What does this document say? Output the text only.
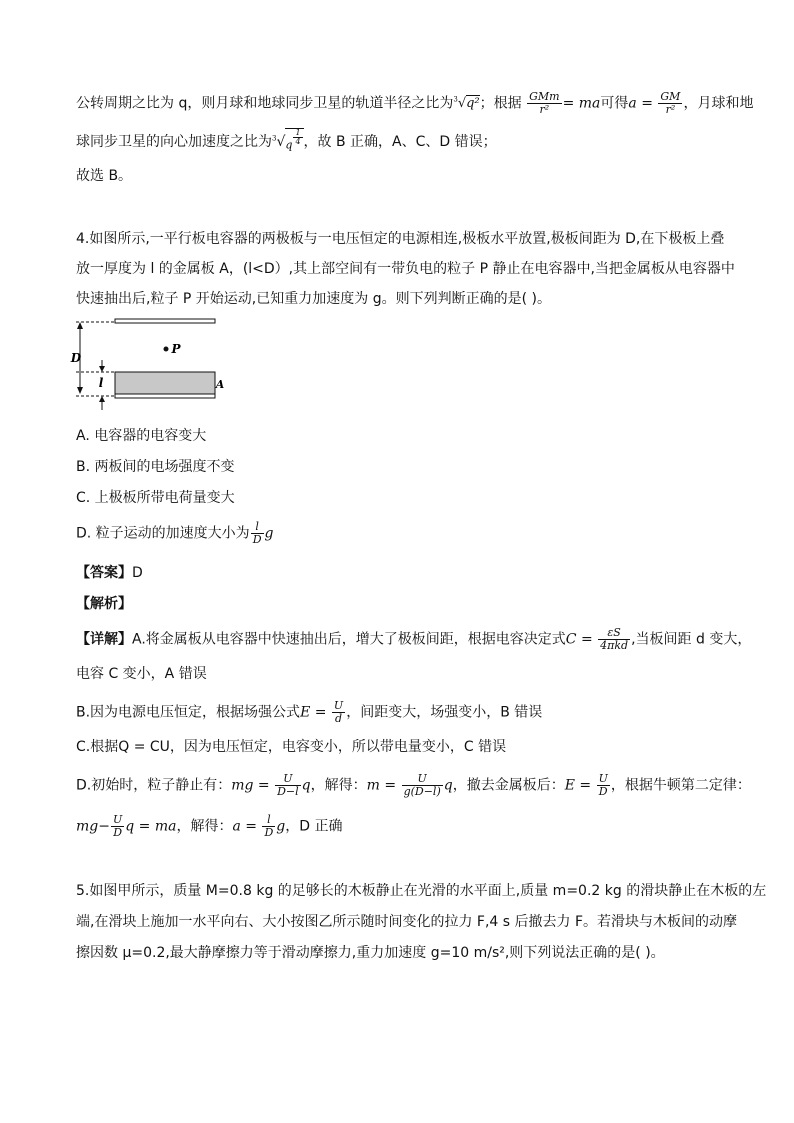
公转周期之比为 q，则月球和地球同步卫星的轨道半径之比为$^3$√q²；根据 $\frac{\text{GMm}}{\text{r²}}$ = ma可得$a = \frac{GM}{\text{r²}}$ ，月球和地
球同步卫星的向心加速度之比为$^3√q \frac{1}{4}$ ，故 B 正确，A、C、D 错误；
故选 B。
4.如图所示,一平行板电容器的两极板与一电压恒定的电源相连,极板水平放置,极板间距为 D,在下极板上叠
放一厚度为 l 的金属板 A，(l<D）,其上部空间有一带负电的粒子 P 静止在电容器中,当把金属板从电容器中
快速抽出后,粒子 P 开始运动,已知重力加速度为 g。则下列判断正确的是( )。
D
P
A
l
A. 电容器的电容变大
B. 两板间的电场强度不变
C. 上极板所带电荷量变大
D. 粒子运动的加速度大小为 $\frac{l}{D}$ g
【答案】D
【解析】
【详解】A.将金属板从电容器中快速抽出后，增大了极板间距，根据电容决定式$C = \frac{\varepsilon S}{\text{4πkd}}$ ,当板间距 d 变大，
电容 C 变小，A 错误
B.因为电源电压恒定，根据场强公式$E = \frac{U}{d}$ ，间距变大，场强变小，B 错误
C.根据Q = CU，因为电压恒定，电容变小，所以带电量变小，C 错误
D.初始时，粒子静止有：mg = $\frac{U}{D-l}$ q，解得：$m = \frac{U}{g(D-l)}$ q，撤去金属板后：$E = \frac{U}{D}$ ，根据牛顿第二定律：
$mg- \frac{U}{D}$ q = ma，解得：$a = \frac{l}{D}$ g，D 正确
5.如图甲所示，质量 M=0.8 kg 的足够长的木板静止在光滑的水平面上,质量 m=0.2 kg 的滑块静止在木板的左
端,在滑块上施加一水平向右、大小按图乙所示随时间变化的拉力 F,4 s 后撤去力 F。若滑块与木板间的动摩
擦因数 μ=0.2,最大静摩擦力等于滑动摩擦力,重力加速度 g=10 m/s²,则下列说法正确的是( )。
